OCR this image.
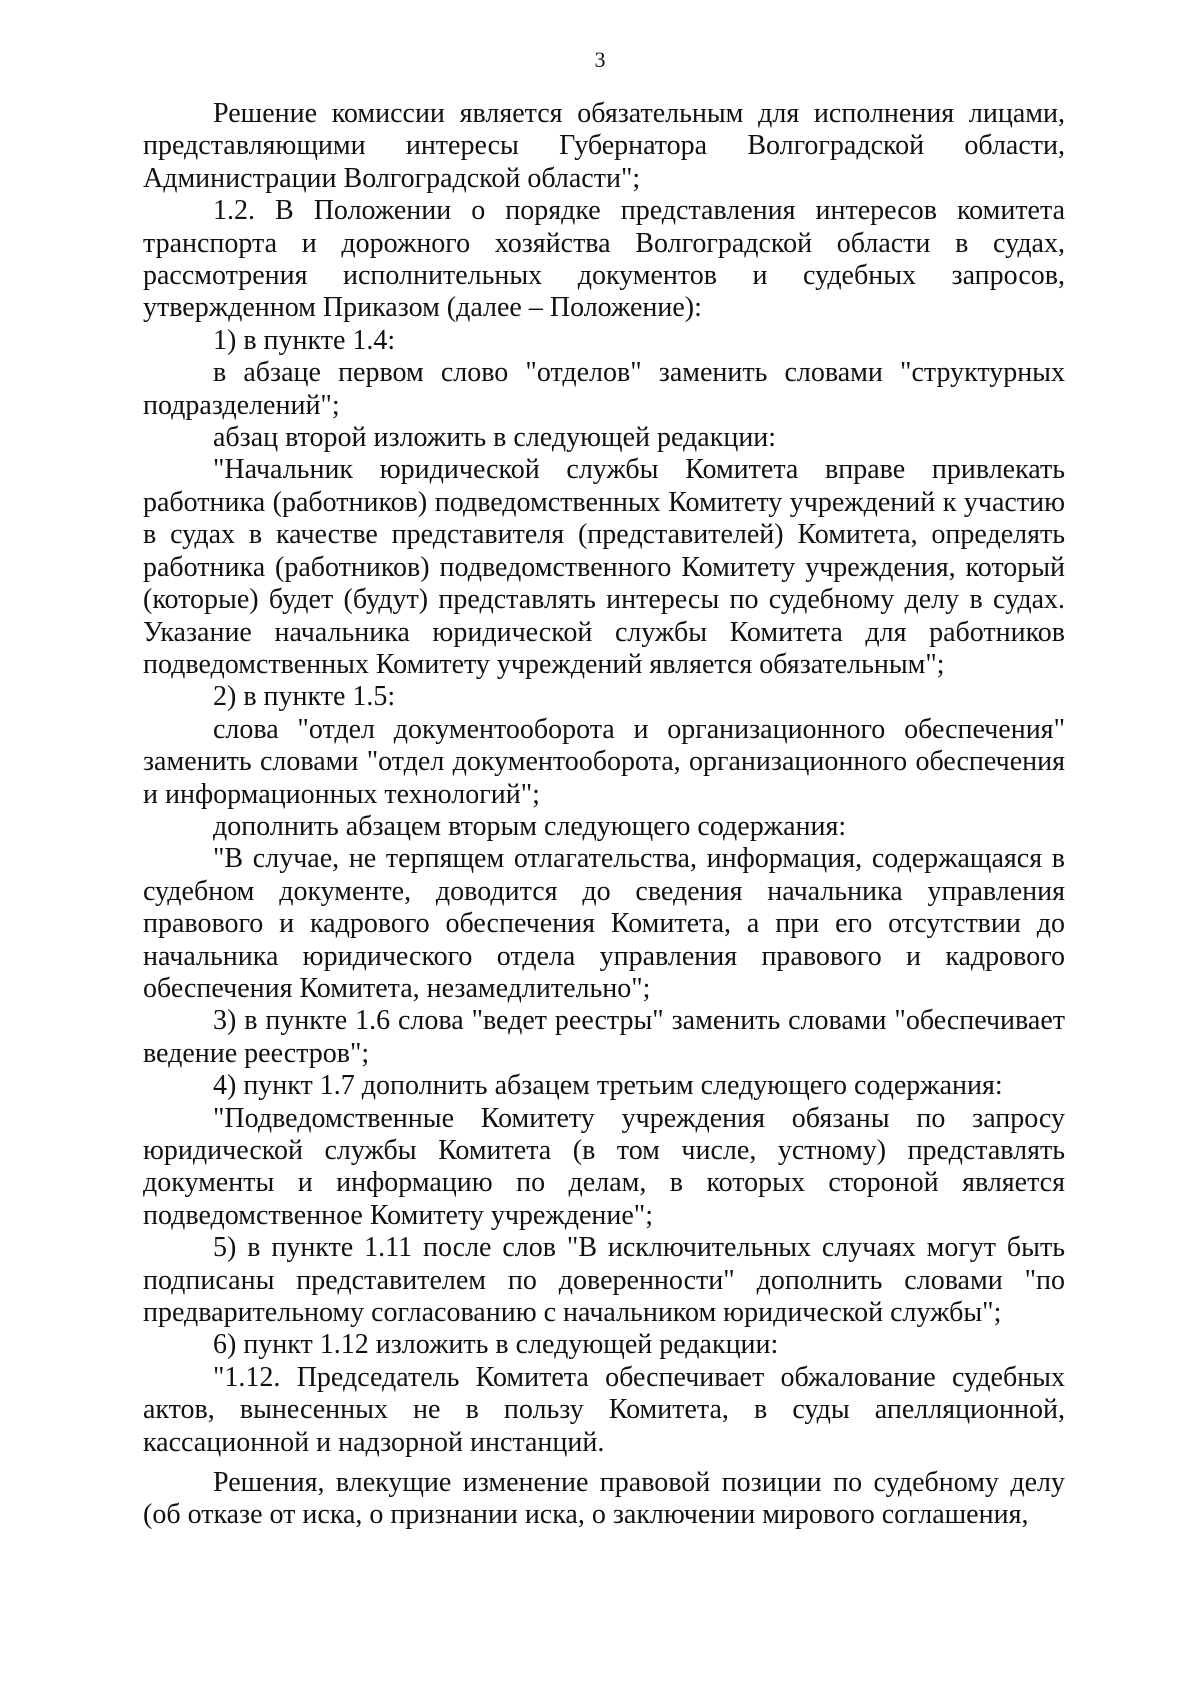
3

Решение комиссии является обязательным для исполнения лицами, представляющими интересы Губернатора Волгоградской области, Администрации Волгоградской области";

1.2. В Положении о порядке представления интересов комитета транспорта и дорожного хозяйства Волгоградской области в судах, рассмотрения исполнительных документов и судебных запросов, утвержденном Приказом (далее – Положение):

1) в пункте 1.4:

в абзаце первом слово "отделов" заменить словами "структурных подразделений";

абзац второй изложить в следующей редакции:

"Начальник юридической службы Комитета вправе привлекать работника (работников) подведомственных Комитету учреждений к участию в судах в качестве представителя (представителей) Комитета, определять работника (работников) подведомственного Комитету учреждения, который (которые) будет (будут) представлять интересы по судебному делу в судах. Указание начальника юридической службы Комитета для работников подведомственных Комитету учреждений является обязательным";

2) в пункте 1.5:

слова "отдел документооборота и организационного обеспечения" заменить словами "отдел документооборота, организационного обеспечения и информационных технологий";

дополнить абзацем вторым следующего содержания:

"В случае, не терпящем отлагательства, информация, содержащаяся в судебном документе, доводится до сведения начальника управления правового и кадрового обеспечения Комитета, а при его отсутствии до начальника юридического отдела управления правового и кадрового обеспечения Комитета, незамедлительно";

3) в пункте 1.6 слова "ведет реестры" заменить словами "обеспечивает ведение реестров";

4) пункт 1.7 дополнить абзацем третьим следующего содержания:

"Подведомственные Комитету учреждения обязаны по запросу юридической службы Комитета (в том числе, устному) представлять документы и информацию по делам, в которых стороной является подведомственное Комитету учреждение";

5) в пункте 1.11 после слов "В исключительных случаях могут быть подписаны представителем по доверенности" дополнить словами "по предварительному согласованию с начальником юридической службы";

6) пункт 1.12 изложить в следующей редакции:

"1.12. Председатель Комитета обеспечивает обжалование судебных актов, вынесенных не в пользу Комитета, в суды апелляционной, кассационной и надзорной инстанций.

Решения, влекущие изменение правовой позиции по судебному делу (об отказе от иска, о признании иска, о заключении мирового соглашения,
